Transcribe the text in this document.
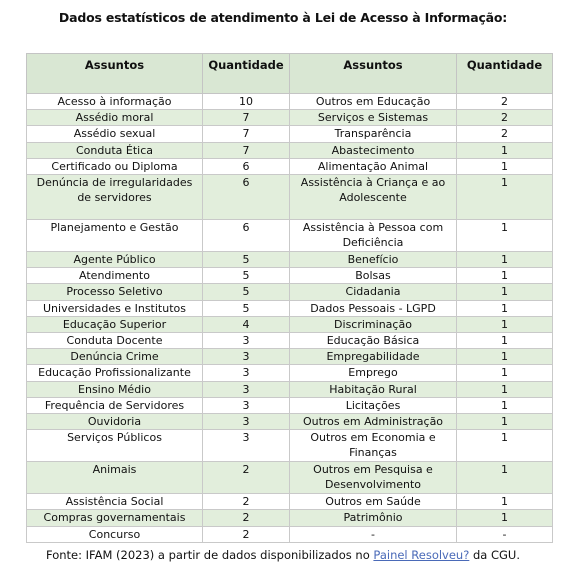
Dados estatísticos de atendimento à Lei de Acesso à Informação:
Assuntos	Quantidade	Assuntos	Quantidade
Acesso à informação	10	Outros em Educação	2
Assédio moral	7	Serviços e Sistemas	2
Assédio sexual	7	Transparência	2
Conduta Ética	7	Abastecimento	1
Certificado ou Diploma	6	Alimentação Animal	1
Denúncia de irregularidades de servidores	6	Assistência à Criança e ao Adolescente	1
Planejamento e Gestão	6	Assistência à Pessoa com Deficiência	1
Agente Público	5	Benefício	1
Atendimento	5	Bolsas	1
Processo Seletivo	5	Cidadania	1
Universidades e Institutos	5	Dados Pessoais - LGPD	1
Educação Superior	4	Discriminação	1
Conduta Docente	3	Educação Básica	1
Denúncia Crime	3	Empregabilidade	1
Educação Profissionalizante	3	Emprego	1
Ensino Médio	3	Habitação Rural	1
Frequência de Servidores	3	Licitações	1
Ouvidoria	3	Outros em Administração	1
Serviços Públicos	3	Outros em Economia e Finanças	1
Animais	2	Outros em Pesquisa e Desenvolvimento	1
Assistência Social	2	Outros em Saúde	1
Compras governamentais	2	Patrimônio	1
Concurso	2	-	-
Fonte: IFAM (2023) a partir de dados disponibilizados no Painel Resolveu? da CGU.
